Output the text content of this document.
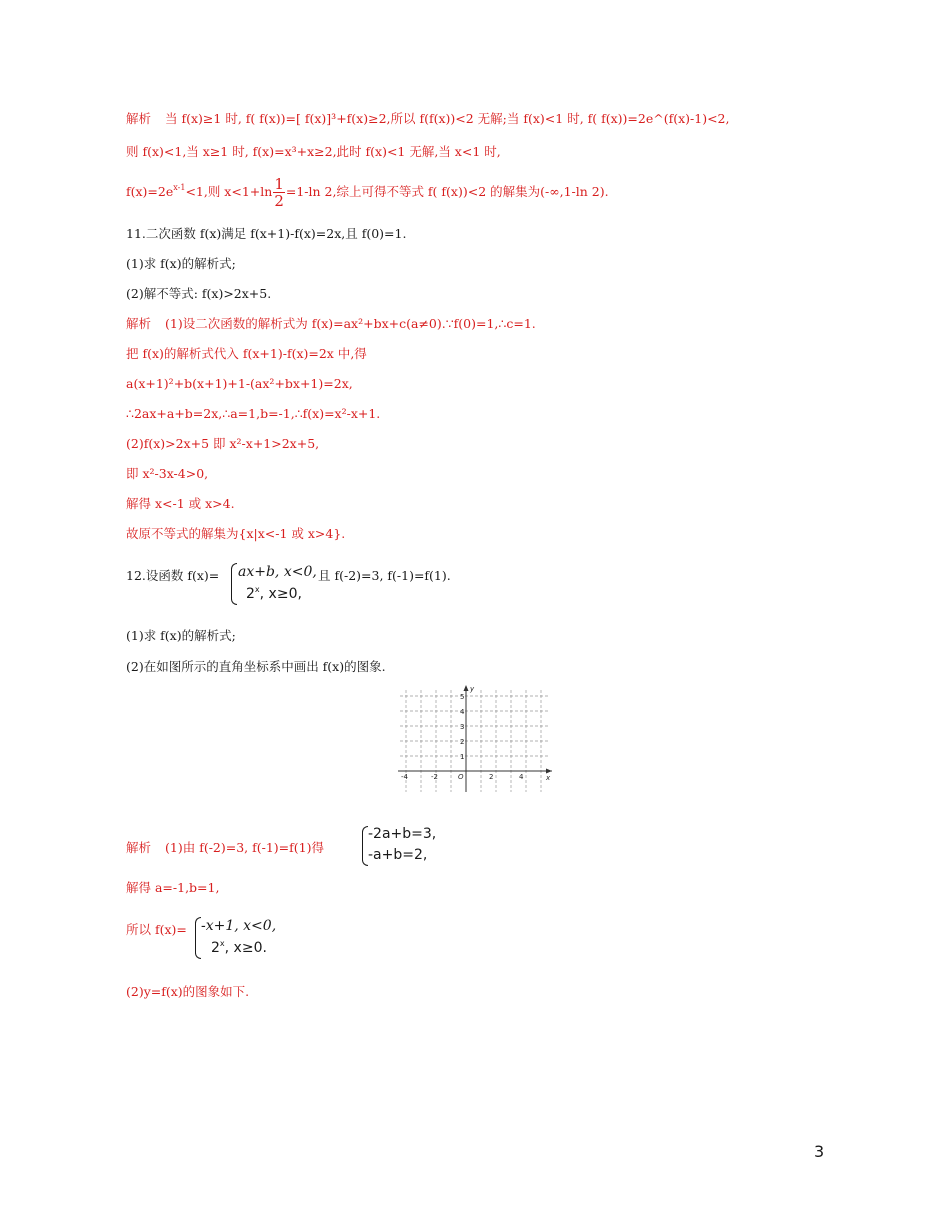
解析 当 f(x)≥1 时, f( f(x))=[ f(x)]³+f(x)≥2,所以 f(f(x))<2 无解;当 f(x)<1 时, f( f(x))=2e^(f(x)-1)<2,
则 f(x)<1,当 x≥1 时, f(x)=x³+x≥2,此时 f(x)<1 无解,当 x<1 时,
$f(x)=2e^{x-1}<1$,则 $x<1+\ln \frac{1}{2} =1-\ln$ 2,综上可得不等式 f( f(x))<2 的解集为(-∞,1-ln 2).
11.二次函数 f(x)满足 f(x+1)-f(x)=2x,且 f(0)=1.
(1)求 f(x)的解析式;
(2)解不等式: f(x)>2x+5.
解析 (1)设二次函数的解析式为 f(x)=ax²+bx+c(a≠0).∵f(0)=1,∴c=1.
把 f(x)的解析式代入 f(x+1)-f(x)=2x 中,得
a(x+1)²+b(x+1)+1-(ax²+bx+1)=2x,
∴2ax+a+b=2x,∴a=1,b=-1,∴f(x)=x²-x+1.
(2)f(x)>2x+5 即 x²-x+1>2x+5,
即 x²-3x-4>0,
解得 x<-1 或 x>4.
故原不等式的解集为{x|x<-1 或 x>4}.
12.设函数 f(x)= ax+b, x<0,
2$^x$, x≥0,
且 f(-2)=3, f(-1)=f(1).
(1)求 f(x)的解析式;
(2)在如图所示的直角坐标系中画出 f(x)的图象.
y
x
O
-4	-2	2	4
1
2
3
4
5
解析 (1)由 f(-2)=3, f(-1)=f(1)得
-2a+b=3,
-a+b=2,
解得 a=-1,b=1,
所以 f(x)= -x+1, x<0,
2$^x$, x≥0.
(2)y=f(x)的图象如下.
3
